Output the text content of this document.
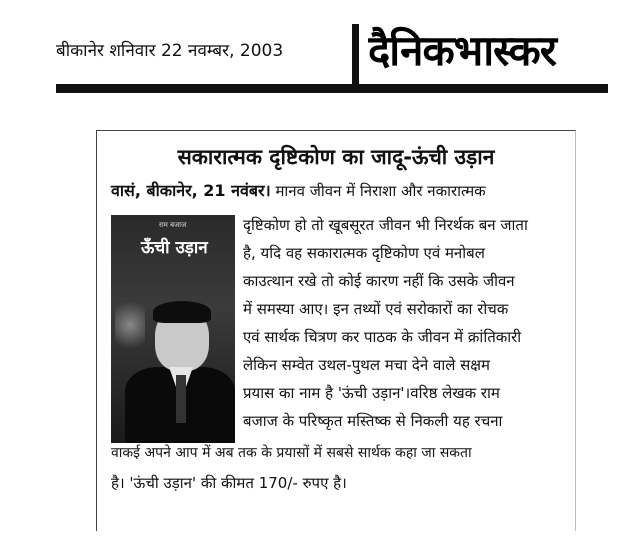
बीकानेर शनिवार 22 नवम्बर, 2003 दैनिकभास्कर
सकारात्मक दृष्टिकोण का जादू-ऊंची उड़ान
वासं, बीकानेर, 21 नवंबर। मानव जीवन में निराशा और नकारात्मक
राम बजाज
ऊँची उड़ान
दृष्टिकोण हो तो खूबसूरत जीवन भी निरर्थक बन जाता
है, यदि वह सकारात्मक दृष्टिकोण एवं मनोबल
काउत्थान रखे तो कोई कारण नहीं कि उसके जीवन
में समस्या आए। इन तथ्यों एवं सरोकारों का रोचक
एवं सार्थक चित्रण कर पाठक के जीवन में क्रांतिकारी
लेकिन सम्वेत उथल-पुथल मचा देने वाले सक्षम
प्रयास का नाम है 'ऊंची उड़ान'।वरिष्ठ लेखक राम
बजाज के परिष्कृत मस्तिष्क से निकली यह रचना
वाकई अपने आप में अब तक के प्रयासों में सबसे सार्थक कहा जा सकता
है। 'ऊंची उड़ान' की कीमत 170/- रुपए है।
